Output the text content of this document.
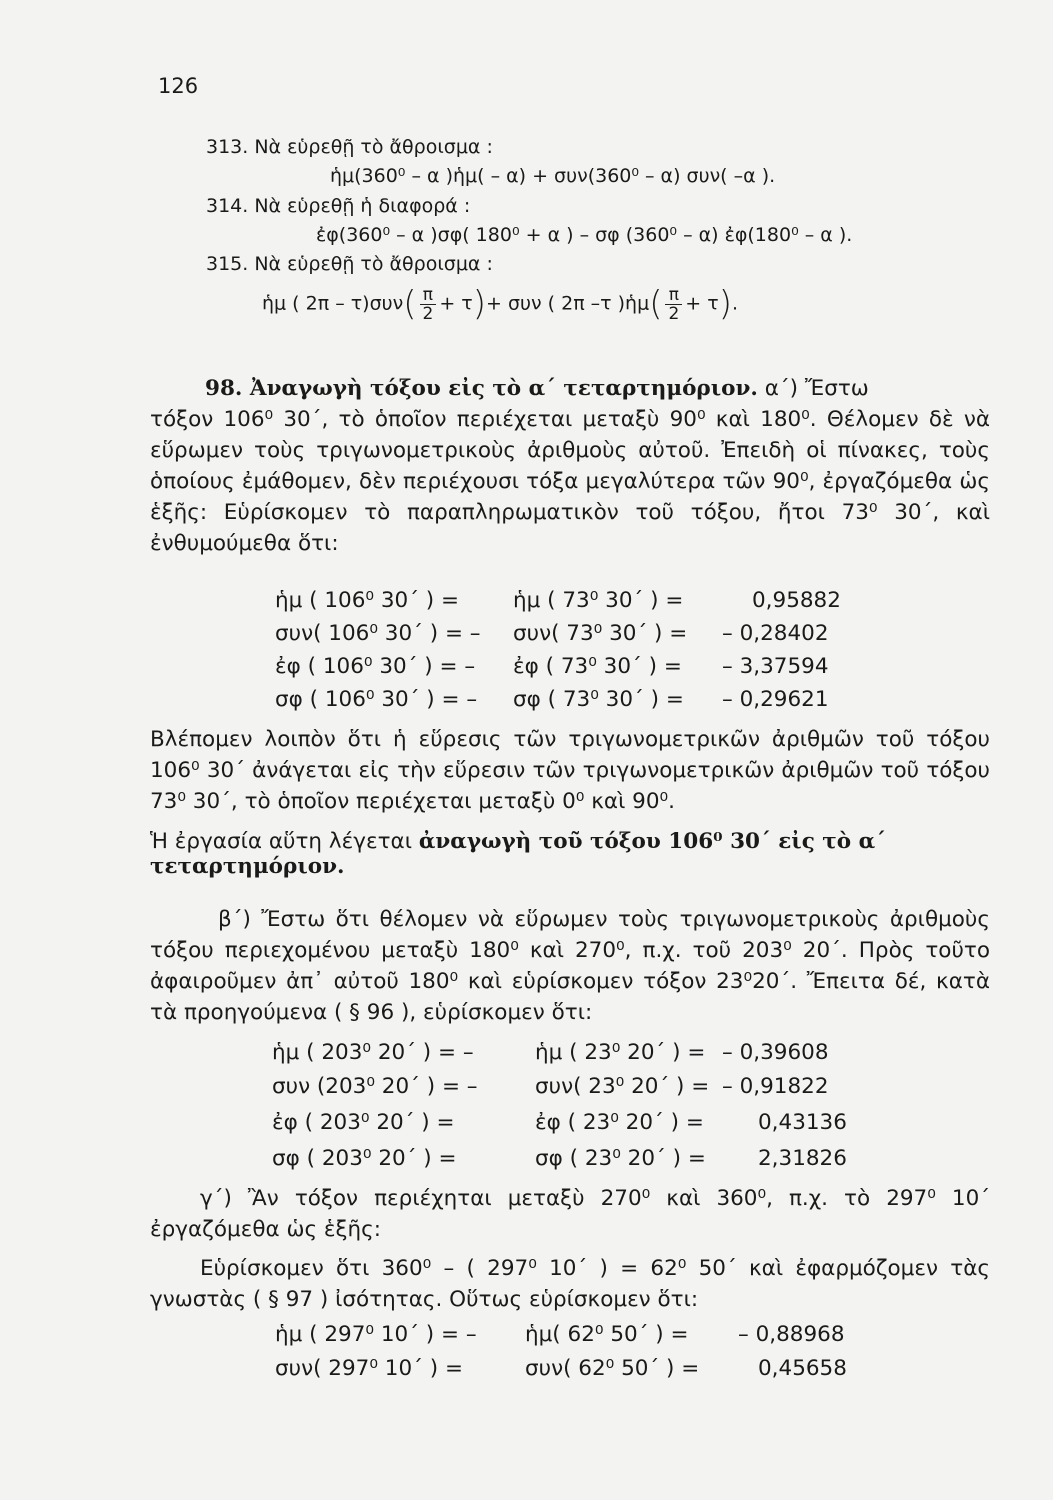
126
313. Νὰ εὑρεθῇ τὸ ἄθροισμα :
ἡμ(360⁰ – α )ἡμ( – α) + συν(360⁰ – α) συν( –α ).
314. Νὰ εὑρεθῇ ἡ διαφορά :
ἐφ(360⁰ – α )σφ( 180⁰ + α ) – σφ (360⁰ – α) ἐφ(180⁰ – α ).
315. Νὰ εὑρεθῇ τὸ ἄθροισμα :
ἡμ ( $2\pi - \tau)\sigma\upsilon\nu( \frac{\pi}{2} + \tau)+ \sigma\upsilon\nu$ ( 2π –τ )ἡμ( $\frac{\pi}{2} + \tau$).
98. Ἀναγωγὴ τόξου εἰς τὸ α΄ τεταρτημόριον. α΄) Ἔστω
τόξον 106⁰ 30΄, τὸ ὁποῖον περιέχεται μεταξὺ 90⁰ καὶ 180⁰. Θέλομεν δὲ νὰ εὕρωμεν τοὺς τριγωνομετρικοὺς ἀριθμοὺς αὐτοῦ. Ἐπειδὴ οἱ πίνακες, τοὺς ὁποίους ἐμάθομεν, δὲν περιέχουσι τόξα μεγαλύτερα τῶν 90⁰, ἐργαζόμεθα ὡς ἑξῆς: Εὑρίσκομεν τὸ παραπληρωματικὸν τοῦ τόξου, ἤτοι 73⁰ 30΄, καὶ ἐνθυμούμεθα ὅτι:
ἡμ ( 106⁰ 30΄ ) =	ἡμ ( 73⁰ 30΄ ) =	0,95882
συν( 106⁰ 30΄ ) = – συν( 73⁰ 30΄ ) = – 0,28402
ἐφ ( 106⁰ 30΄ ) = – ἐφ ( 73⁰ 30΄ ) = – 3,37594
σφ ( 106⁰ 30΄ ) = – σφ ( 73⁰ 30΄ ) = – 0,29621
Βλέπομεν λοιπὸν ὅτι ἡ εὕρεσις τῶν τριγωνομετρικῶν ἀριθμῶν τοῦ τόξου 106⁰ 30΄ ἀνάγεται εἰς τὴν εὕρεσιν τῶν τριγωνομετρικῶν ἀριθμῶν τοῦ τόξου 73⁰ 30΄, τὸ ὁποῖον περιέχεται μεταξὺ 0⁰ καὶ 90⁰.
Ἡ ἐργασία αὕτη λέγεται ἀναγωγὴ τοῦ τόξου 106⁰ 30΄ εἰς τὸ α΄ τεταρτημόριον.
β΄) Ἔστω ὅτι θέλομεν νὰ εὕρωμεν τοὺς τριγωνομετρικοὺς ἀριθμοὺς τόξου περιεχομένου μεταξὺ 180⁰ καὶ 270⁰, π.χ. τοῦ 203⁰ 20΄. Πρὸς τοῦτο ἀφαιροῦμεν ἀπ᾿ αὐτοῦ 180⁰ καὶ εὑρίσκομεν τόξον 23⁰20΄. Ἔπειτα δέ, κατὰ τὰ προηγούμενα ( § 96 ), εὑρίσκομεν ὅτι:
ἡμ ( 203⁰ 20΄ ) = –	ἡμ ( 23⁰ 20΄ ) = – 0,39608
συν (203⁰ 20΄ ) = –	συν( 23⁰ 20΄ ) = – 0,91822
ἐφ ( 203⁰ 20΄ ) =	ἐφ ( 23⁰ 20΄ ) =	0,43136
σφ ( 203⁰ 20΄ ) =	σφ ( 23⁰ 20΄ ) = 2,31826
γ΄) Ἂν τόξον περιέχηται μεταξὺ 270⁰ καὶ 360⁰, π.χ. τὸ 297⁰ 10΄ ἐργαζόμεθα ὡς ἑξῆς:
Εὑρίσκομεν ὅτι 360⁰ – ( 297⁰ 10΄ ) = 62⁰ 50΄ καὶ ἐφαρμόζομεν τὰς γνωστὰς ( § 97 ) ἰσότητας. Οὕτως εὑρίσκομεν ὅτι:
ἡμ ( 297⁰ 10΄ ) = – ἡμ( 62⁰ 50΄ ) = – 0,88968
συν( 297⁰ 10΄ ) =	συν( 62⁰ 50΄ ) =	0,45658
